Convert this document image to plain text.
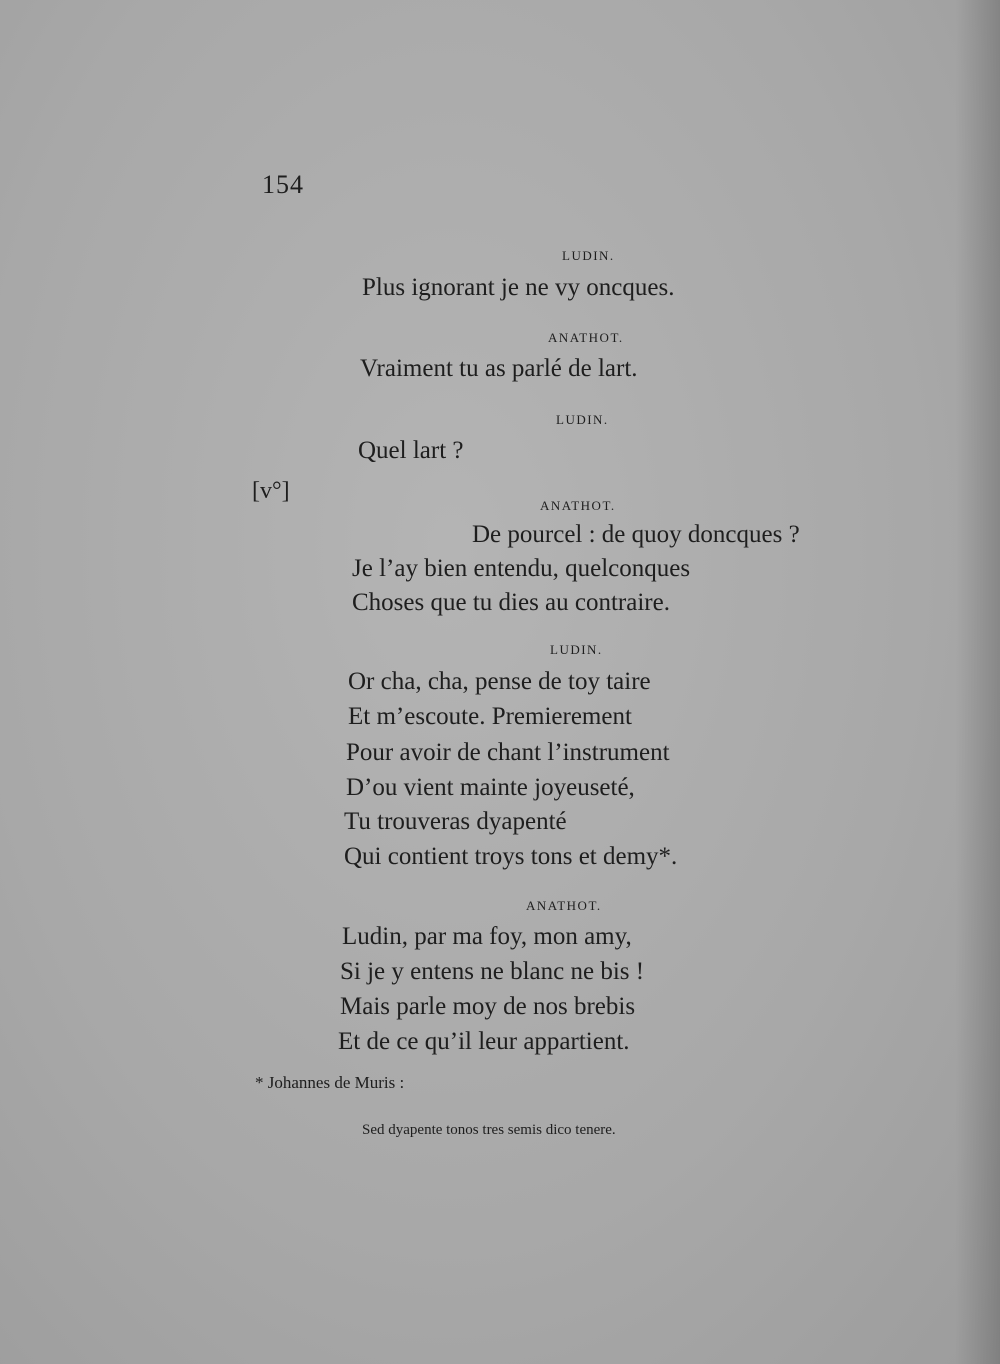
154
[v°]
LUDIN.
Plus ignorant je ne vy oncques.
ANATHOT.
Vraiment tu as parlé de lart.
LUDIN.
Quel lart ?
ANATHOT.
De pourcel : de quoy doncques ?
Je l’ay bien entendu, quelconques
Choses que tu dies au contraire.
LUDIN.
Or cha, cha, pense de toy taire
Et m’escoute. Premierement
Pour avoir de chant l’instrument
D’ou vient mainte joyeuseté,
Tu trouveras dyapenté
Qui contient troys tons et demy*.
ANATHOT.
Ludin, par ma foy, mon amy,
Si je y entens ne blanc ne bis !
Mais parle moy de nos brebis
Et de ce qu’il leur appartient.
* Johannes de Muris :
Sed dyapente tonos tres semis dico tenere.
